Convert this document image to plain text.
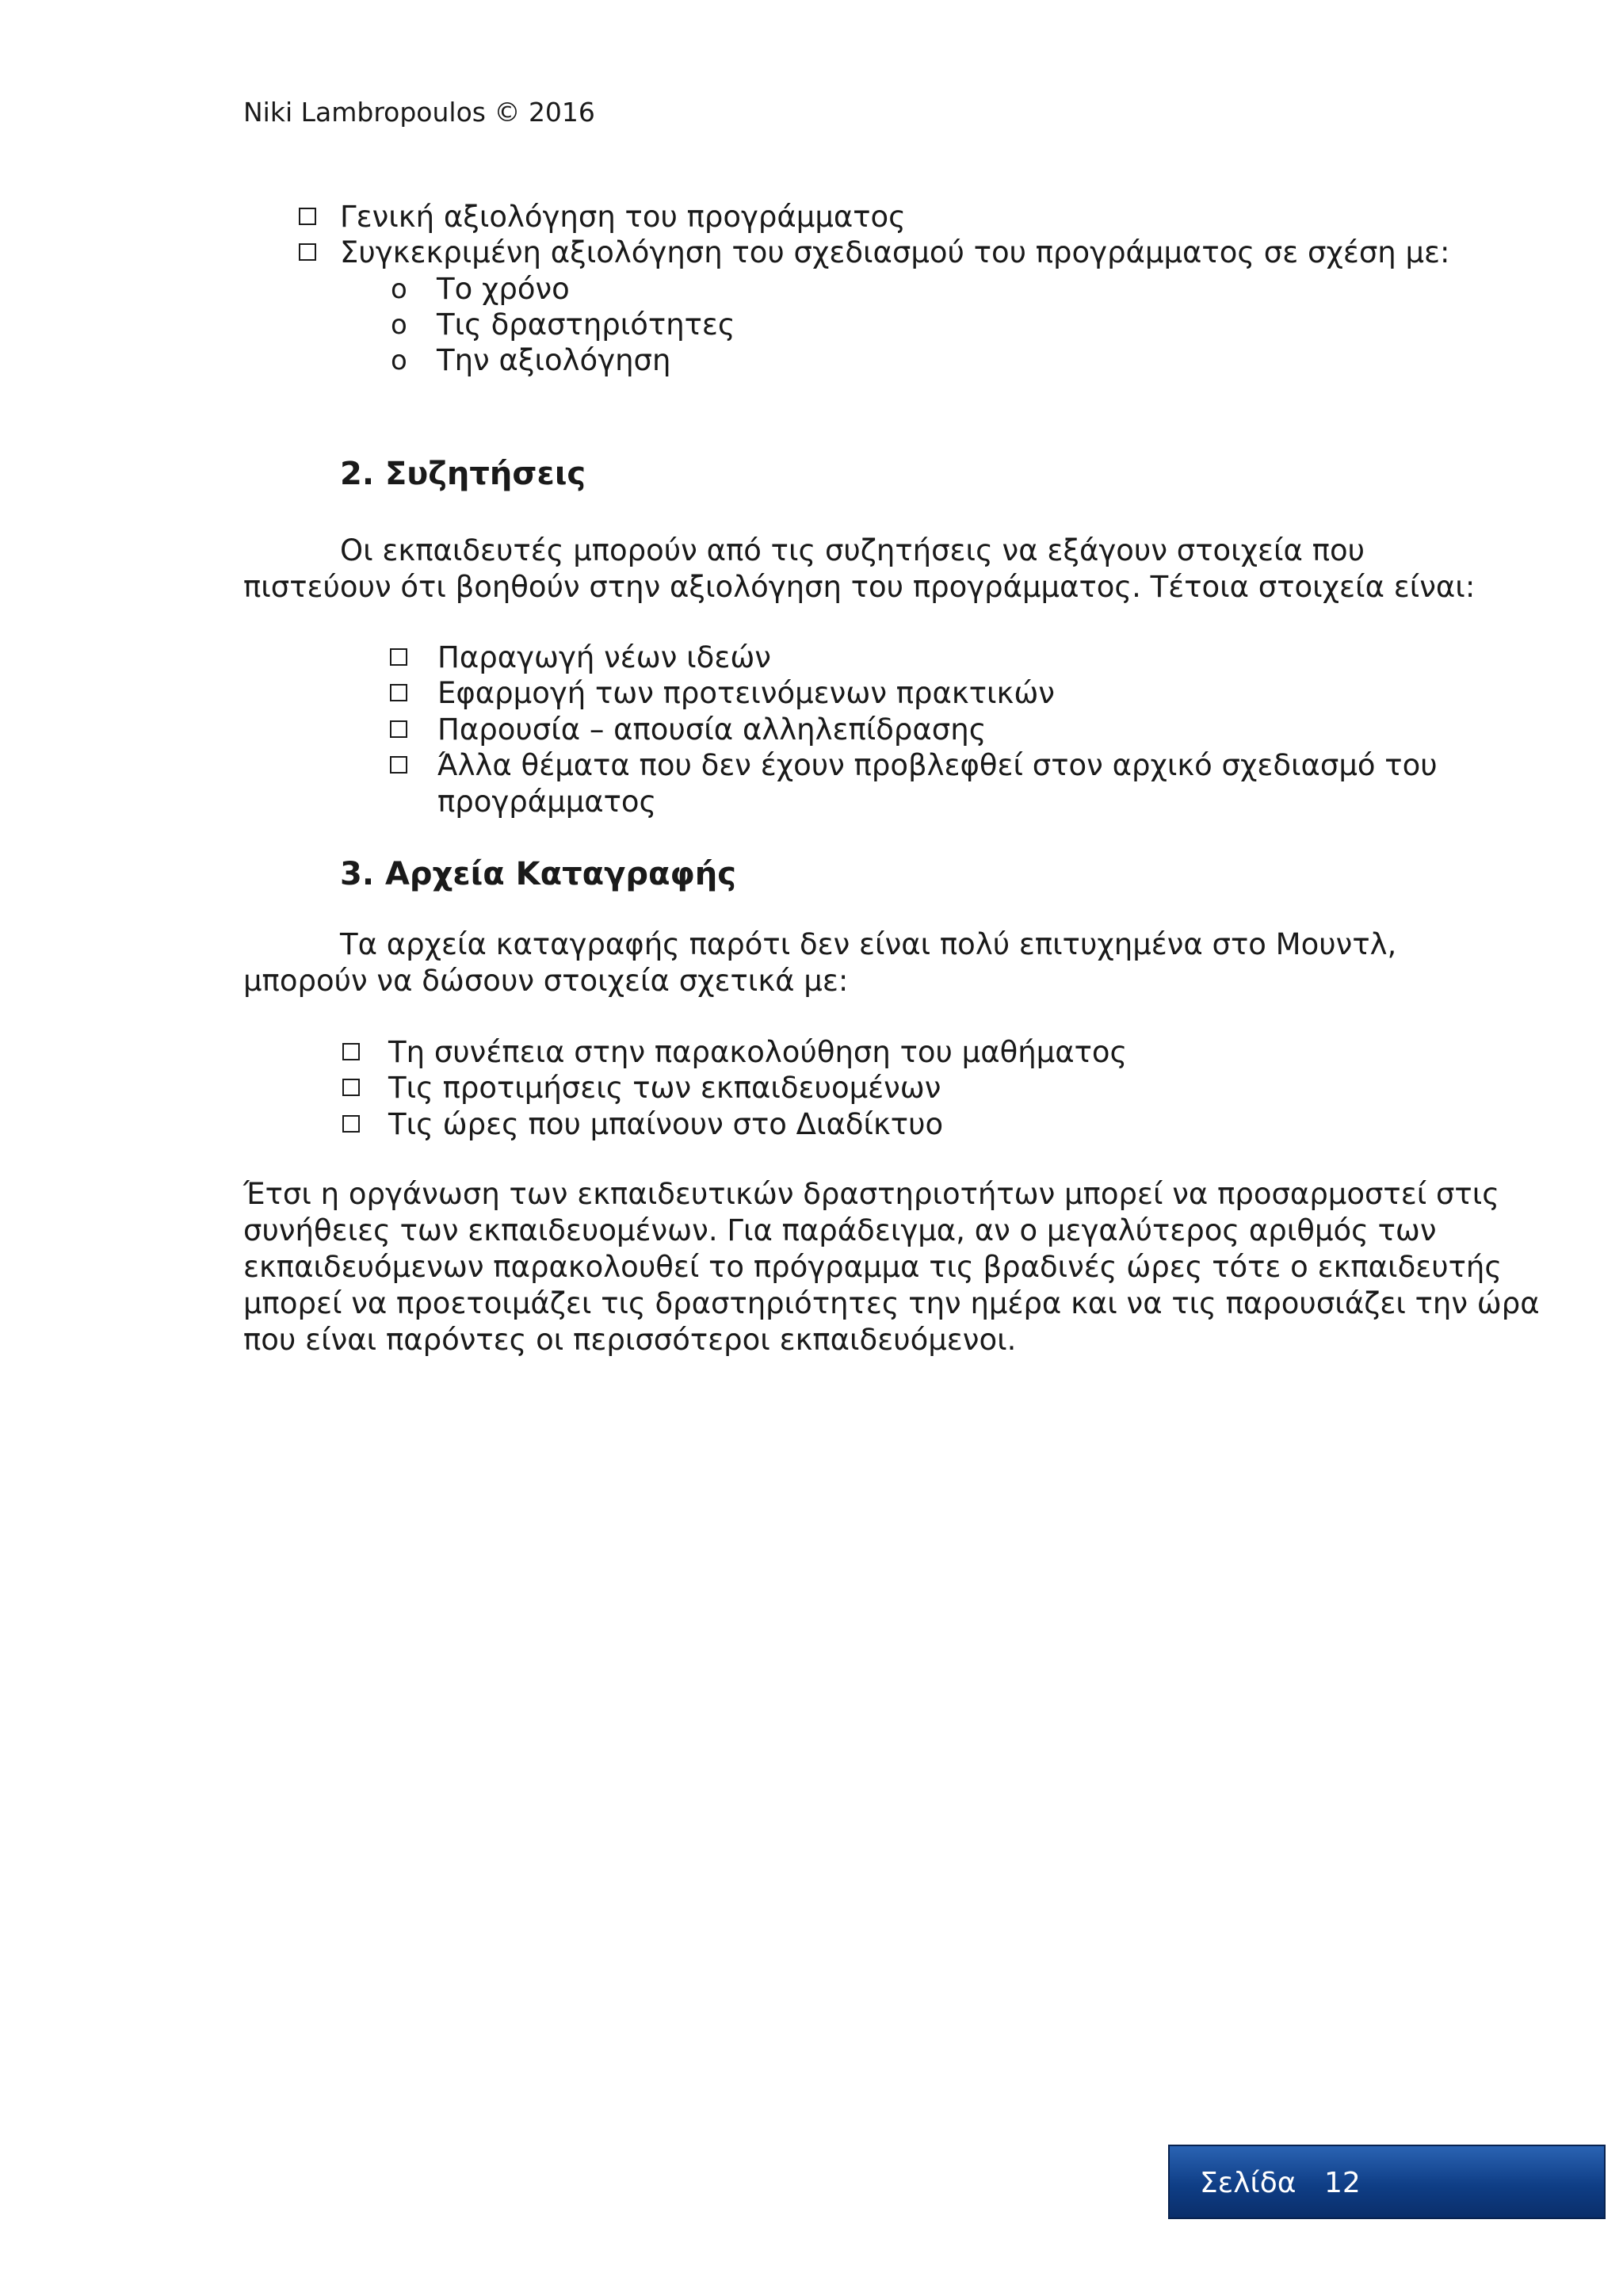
Niki Lambropoulos © 2016
Γενική αξιολόγηση του προγράμματος
Συγκεκριμένη αξιολόγηση του σχεδιασμού του προγράμματος σε σχέση με:
o Το χρόνο
o Τις δραστηριότητες
o Την αξιολόγηση
2. Συζητήσεις
Οι εκπαιδευτές μπορούν από τις συζητήσεις να εξάγουν στοιχεία που
πιστεύουν ότι βοηθούν στην αξιολόγηση του προγράμματος. Τέτοια στοιχεία είναι:
Παραγωγή νέων ιδεών
Εφαρμογή των προτεινόμενων πρακτικών
Παρουσία – απουσία αλληλεπίδρασης
Άλλα θέματα που δεν έχουν προβλεφθεί στον αρχικό σχεδιασμό του
προγράμματος
3. Αρχεία Καταγραφής
Τα αρχεία καταγραφής παρότι δεν είναι πολύ επιτυχημένα στο Μουντλ,
μπορούν να δώσουν στοιχεία σχετικά με:
Τη συνέπεια στην παρακολούθηση του μαθήματος
Τις προτιμήσεις των εκπαιδευομένων
Τις ώρες που μπαίνουν στο Διαδίκτυο
Έτσι η οργάνωση των εκπαιδευτικών δραστηριοτήτων μπορεί να προσαρμοστεί στις
συνήθειες των εκπαιδευομένων. Για παράδειγμα, αν ο μεγαλύτερος αριθμός των
εκπαιδευόμενων παρακολουθεί το πρόγραμμα τις βραδινές ώρες τότε ο εκπαιδευτής
μπορεί να προετοιμάζει τις δραστηριότητες την ημέρα και να τις παρουσιάζει την ώρα
που είναι παρόντες οι περισσότεροι εκπαιδευόμενοι.
Σελίδα 12
